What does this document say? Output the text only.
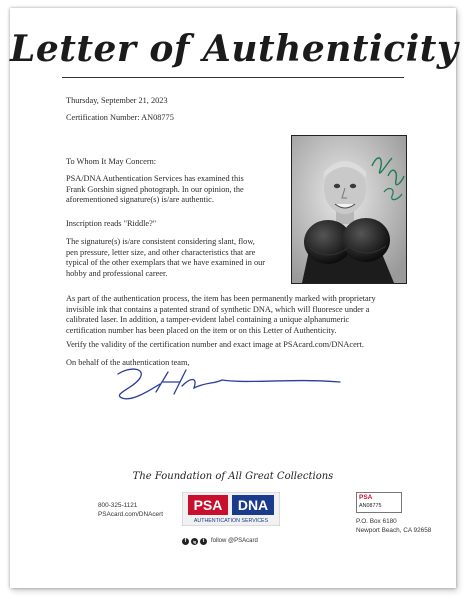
Letter of Authenticity
Thursday, September 21, 2023
Certification Number: AN08775
To Whom It May Concern:
PSA/DNA Authentication Services has examined this
Frank Gorshin signed photograph. In our opinion, the
aforementioned signature(s) is/are authentic.
Inscription reads "Riddle?"
The signature(s) is/are consistent considering slant, flow,
pen pressure, letter size, and other characteristics that are
typical of the other exemplars that we have examined in our
hobby and professional career.
As part of the authentication process, the item has been permanently marked with proprietary
invisible ink that contains a patented strand of synthetic DNA, which will fluoresce under a
calibrated laser. In addition, a tamper-evident label containing a unique alphanumeric
certification number has been placed on the item or on this Letter of Authenticity.
Verify the validity of the certification number and exact image at PSAcard.com/DNAcert.
On behalf of the authentication team,
The Foundation of All Great Collections
800-325-1121
PSAcard.com/DNAcert
PSA DNA
AUTHENTICATION SERVICES
f	ig	t	follow @PSAcard
PSA
AN08775
P.O. Box 6180
Newport Beach, CA 92658
